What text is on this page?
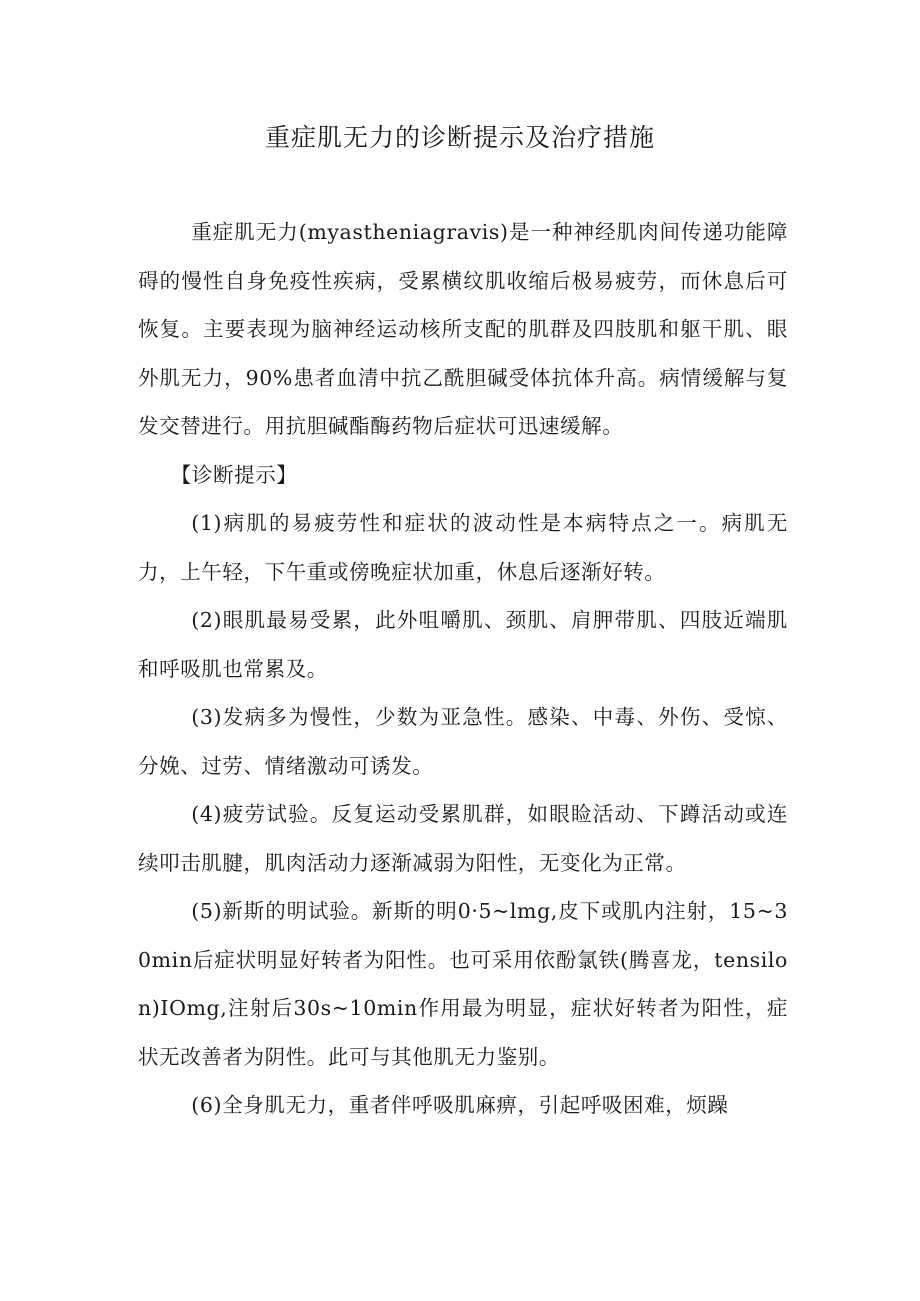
重症肌无力的诊断提示及治疗措施

重症肌无力(myastheniagravis)是一种神经肌肉间传递功能障碍的慢性自身免疫性疾病，受累横纹肌收缩后极易疲劳，而休息后可恢复。主要表现为脑神经运动核所支配的肌群及四肢肌和躯干肌、眼外肌无力，90%患者血清中抗乙酰胆碱受体抗体升高。病情缓解与复发交替进行。用抗胆碱酯酶药物后症状可迅速缓解。

【诊断提示】

(1)病肌的易疲劳性和症状的波动性是本病特点之一。病肌无力，上午轻，下午重或傍晚症状加重，休息后逐渐好转。

(2)眼肌最易受累，此外咀嚼肌、颈肌、肩胛带肌、四肢近端肌和呼吸肌也常累及。

(3)发病多为慢性，少数为亚急性。感染、中毒、外伤、受惊、分娩、过劳、情绪激动可诱发。

(4)疲劳试验。反复运动受累肌群，如眼睑活动、下蹲活动或连续叩击肌腱，肌肉活动力逐渐减弱为阳性，无变化为正常。

(5)新斯的明试验。新斯的明0·5~lmg,皮下或肌内注射，15~30min后症状明显好转者为阳性。也可采用依酚氯铁(腾喜龙，tensilon)IOmg,注射后30s~10min作用最为明显，症状好转者为阳性，症状无改善者为阴性。此可与其他肌无力鉴别。

(6)全身肌无力，重者伴呼吸肌麻痹，引起呼吸困难，烦躁
